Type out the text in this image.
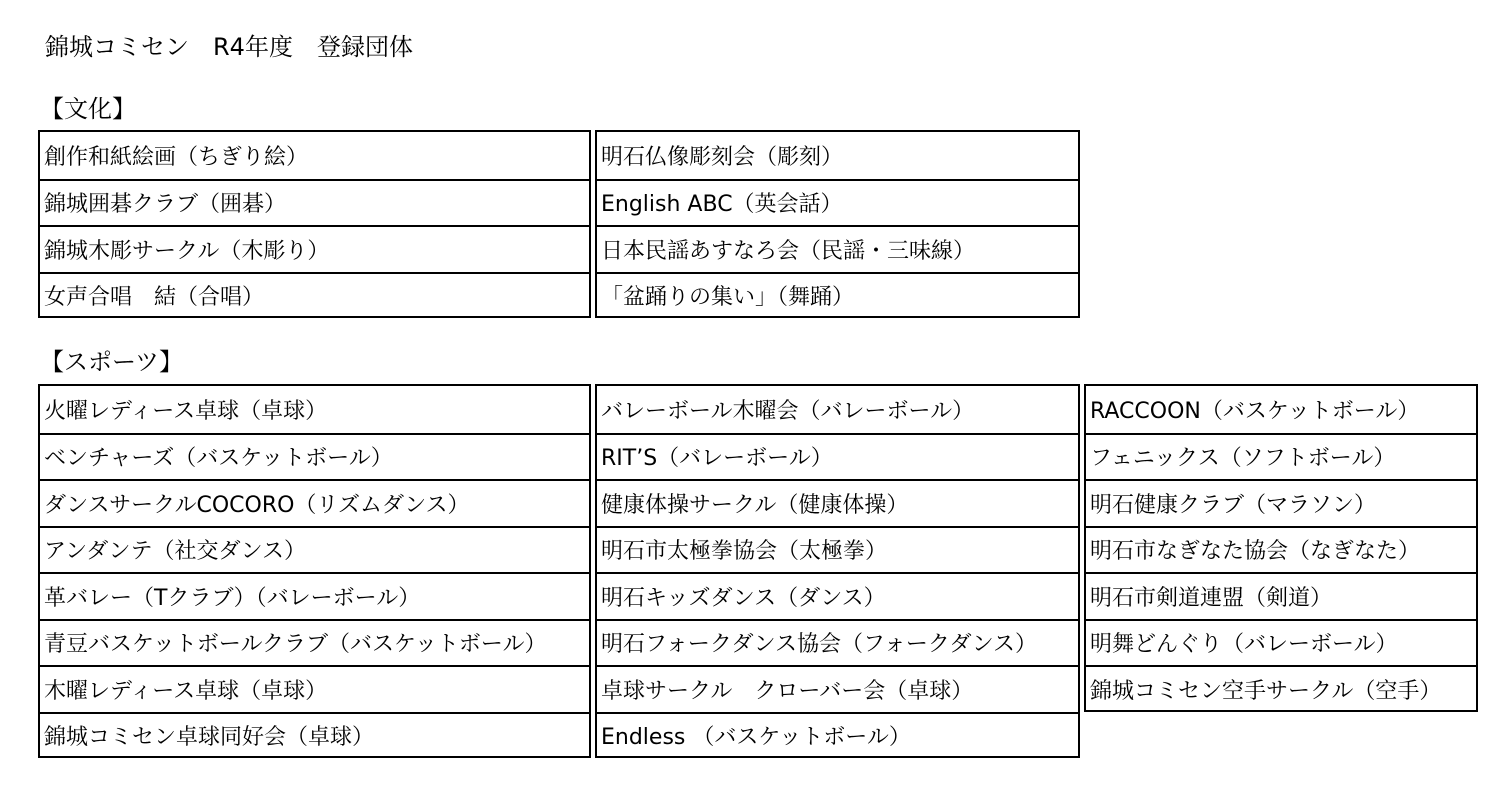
錦城コミセン　R4年度　登録団体
【文化】
創作和紙絵画（ちぎり絵）
錦城囲碁クラブ（囲碁）
錦城木彫サークル（木彫り）
女声合唱　結（合唱）
明石仏像彫刻会（彫刻）
English ABC（英会話）
日本民謡あすなろ会（民謡・三味線）
「盆踊りの集い」（舞踊）
【スポーツ】
火曜レディース卓球（卓球）
ベンチャーズ（バスケットボール）
ダンスサークルCOCORO（リズムダンス）
アンダンテ（社交ダンス）
革バレー（Tクラブ）（バレーボール）
青豆バスケットボールクラブ（バスケットボール）
木曜レディース卓球（卓球）
錦城コミセン卓球同好会（卓球）
バレーボール木曜会（バレーボール）
RIT’S（バレーボール）
健康体操サークル（健康体操）
明石市太極拳協会（太極拳）
明石キッズダンス（ダンス）
明石フォークダンス協会（フォークダンス）
卓球サークル　クローバー会（卓球）
Endless （バスケットボール）
RACCOON（バスケットボール）
フェニックス（ソフトボール）
明石健康クラブ（マラソン）
明石市なぎなた協会（なぎなた）
明石市剣道連盟（剣道）
明舞どんぐり（バレーボール）
錦城コミセン空手サークル（空手）
